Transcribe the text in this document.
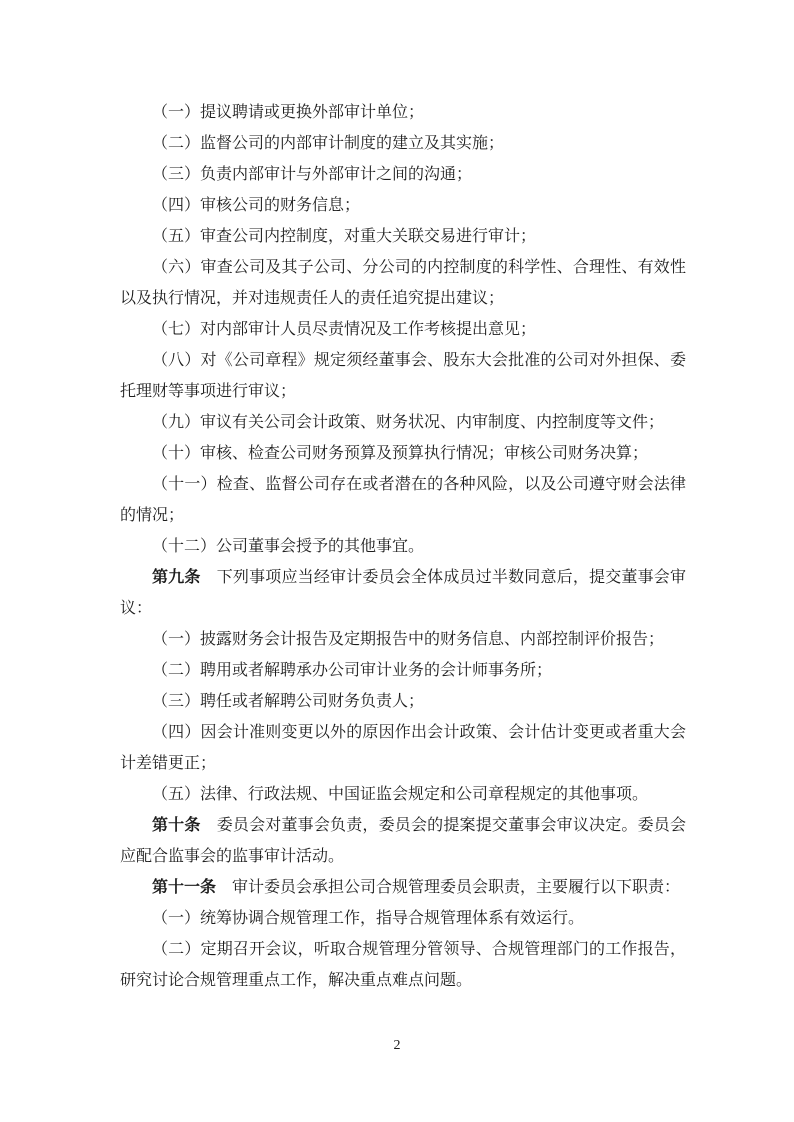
（一）提议聘请或更换外部审计单位；

（二）监督公司的内部审计制度的建立及其实施；

（三）负责内部审计与外部审计之间的沟通；

（四）审核公司的财务信息；

（五）审查公司内控制度，对重大关联交易进行审计；

（六）审查公司及其子公司、分公司的内控制度的科学性、合理性、有效性以及执行情况，并对违规责任人的责任追究提出建议；

（七）对内部审计人员尽责情况及工作考核提出意见；

（八）对《公司章程》规定须经董事会、股东大会批准的公司对外担保、委托理财等事项进行审议；

（九）审议有关公司会计政策、财务状况、内审制度、内控制度等文件；

（十）审核、检查公司财务预算及预算执行情况；审核公司财务决算；

（十一）检查、监督公司存在或者潜在的各种风险，以及公司遵守财会法律的情况；

（十二）公司董事会授予的其他事宜。

第九条　下列事项应当经审计委员会全体成员过半数同意后，提交董事会审议：

（一）披露财务会计报告及定期报告中的财务信息、内部控制评价报告；

（二）聘用或者解聘承办公司审计业务的会计师事务所；

（三）聘任或者解聘公司财务负责人；

（四）因会计准则变更以外的原因作出会计政策、会计估计变更或者重大会计差错更正；

（五）法律、行政法规、中国证监会规定和公司章程规定的其他事项。

第十条　委员会对董事会负责，委员会的提案提交董事会审议决定。委员会应配合监事会的监事审计活动。

第十一条　审计委员会承担公司合规管理委员会职责，主要履行以下职责：

（一）统筹协调合规管理工作，指导合规管理体系有效运行。

（二）定期召开会议，听取合规管理分管领导、合规管理部门的工作报告，研究讨论合规管理重点工作，解决重点难点问题。

2
